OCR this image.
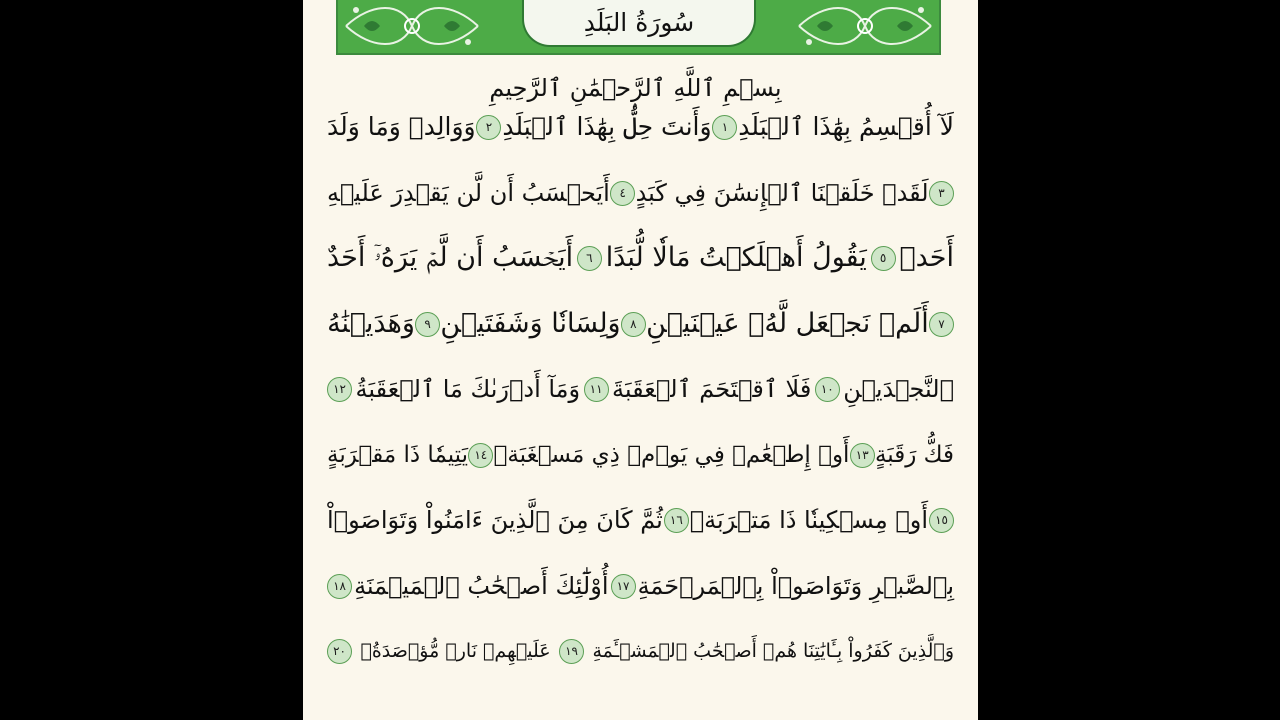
سُورَةُ البَلَدِ
بِسۡمِ ٱللَّهِ ٱلرَّحۡمَٰنِ ٱلرَّحِيمِ
لَآ أُقۡسِمُ بِهَٰذَا ٱلۡبَلَدِ
١
وَأَنتَ حِلُّۢ بِهَٰذَا ٱلۡبَلَدِ
٢
وَوَالِدٖ وَمَا وَلَدَ
٣
لَقَدۡ خَلَقۡنَا ٱلۡإِنسَٰنَ فِي كَبَدٍ
٤
أَيَحۡسَبُ أَن لَّن يَقۡدِرَ عَلَيۡهِ
أَحَدٞ
٥
يَقُولُ أَهۡلَكۡتُ مَالٗا لُّبَدًا
٦
أَيَحۡسَبُ أَن لَّمۡ يَرَهُۥٓ أَحَدٌ
٧
أَلَمۡ نَجۡعَل لَّهُۥ عَيۡنَيۡنِ
٨
وَلِسَانٗا وَشَفَتَيۡنِ
٩
وَهَدَيۡنَٰهُ
ٱلنَّجۡدَيۡنِ
١٠
فَلَا ٱقۡتَحَمَ ٱلۡعَقَبَةَ
١١
وَمَآ أَدۡرَىٰكَ مَا ٱلۡعَقَبَةُ
١٢
فَكُّ رَقَبَةٍ
١٣
أَوۡ إِطۡعَٰمٞ فِي يَوۡمٖ ذِي مَسۡغَبَةٖ
١٤
يَتِيمٗا ذَا مَقۡرَبَةٍ
١٥
أَوۡ مِسۡكِينٗا ذَا مَتۡرَبَةٖ
١٦
ثُمَّ كَانَ مِنَ ٱلَّذِينَ ءَامَنُواْ وَتَوَاصَوۡاْ
بِٱلصَّبۡرِ وَتَوَاصَوۡاْ بِٱلۡمَرۡحَمَةِ
١٧
أُوْلَٰٓئِكَ أَصۡحَٰبُ ٱلۡمَيۡمَنَةِ
١٨
وَٱلَّذِينَ كَفَرُواْ بِـَٔايَٰتِنَا هُمۡ أَصۡحَٰبُ ٱلۡمَشۡـَٔمَةِ
١٩
عَلَيۡهِمۡ نَارٞ مُّؤۡصَدَةُۢ
٢٠
